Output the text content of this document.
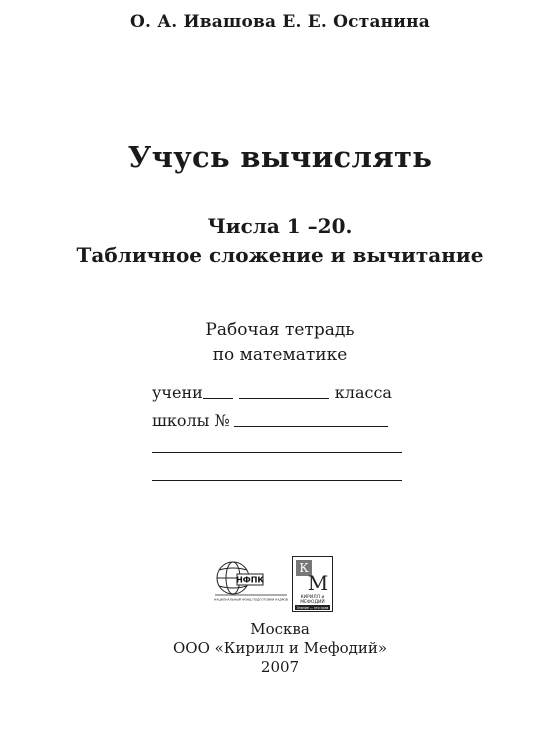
О. А. Ивашова Е. Е. Останина
Учусь вычислять
Числа 1 –20.
Табличное сложение и вычитание
Рабочая тетрадь
по математике
учени	класса
школы №
НФПК
НАЦИОНАЛЬНЫЙ ФОНД ПОДГОТОВКИ КАДРОВ
К
М
КИРИЛЛ и
МЕФОДИЙ
Знание — это сила
Москва
ООО «Кирилл и Мефодий»
2007
